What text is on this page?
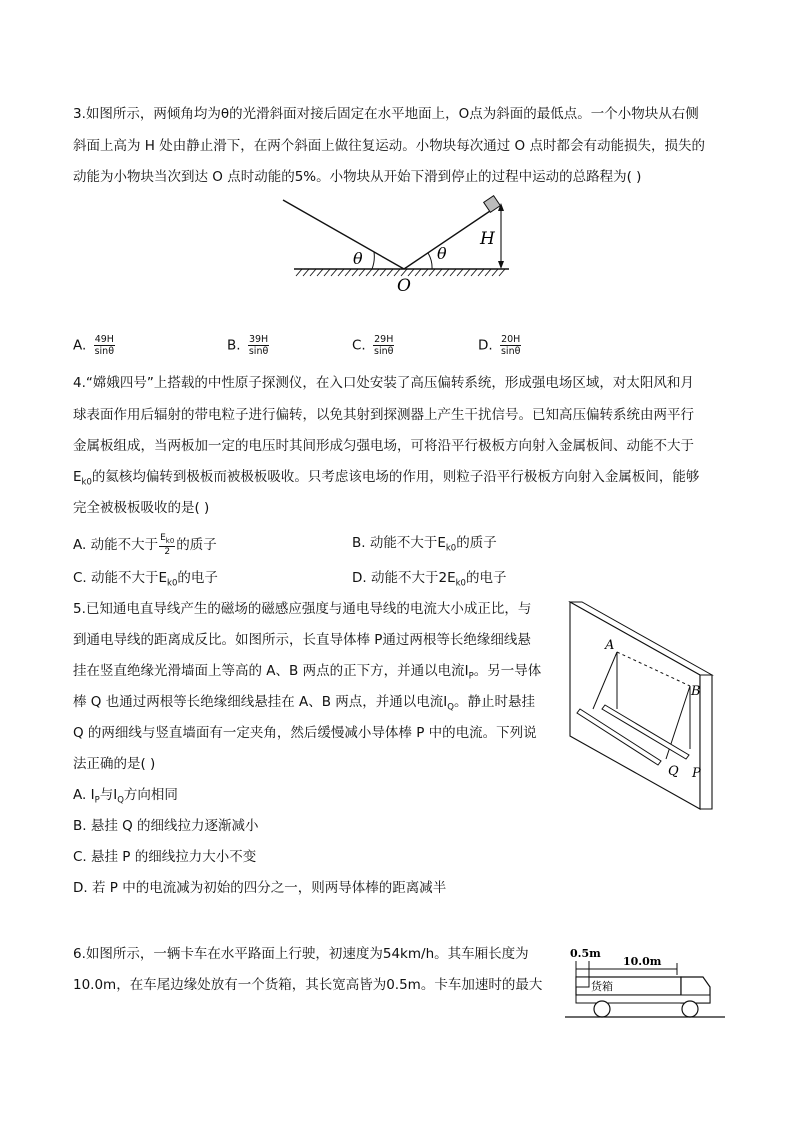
3.如图所示，两倾角均为θ的光滑斜面对接后固定在水平地面上，O点为斜面的最低点。一个小物块从右侧
斜面上高为 H 处由静止滑下，在两个斜面上做往复运动。小物块每次通过 O 点时都会有动能损失，损失的
动能为小物块当次到达 O 点时动能的5%。小物块从开始下滑到停止的过程中运动的总路程为( )
θ	θ
H
O
A. $\frac{49H}{\sin\theta}$	B. $\frac{39H}{\sin\theta}$	C. $\frac{29H}{\sin\theta}$	D. $\frac{20H}{\sin\theta}$
4.“嫦娥四号”上搭载的中性原子探测仪，在入口处安装了高压偏转系统，形成强电场区域，对太阳风和月
球表面作用后辐射的带电粒子进行偏转，以免其射到探测器上产生干扰信号。已知高压偏转系统由两平行
金属板组成，当两板加一定的电压时其间形成匀强电场，可将沿平行极板方向射入金属板间、动能不大于
$E_{k0}$的氦核均偏转到极板而被极板吸收。只考虑该电场的作用，则粒子沿平行极板方向射入金属板间，能够
完全被极板吸收的是( )
A. 动能不大于 $\frac{E_{k0}}{2}$ 的质子	B. 动能不大于$E_{k0}$的质子
C. 动能不大于$E_{k0}$的电子	D. 动能不大于$2E_{k0}$的电子
5.已知通电直导线产生的磁场的磁感应强度与通电导线的电流大小成正比，与
到通电导线的距离成反比。如图所示，长直导体棒 P通过两根等长绝缘细线悬
挂在竖直绝缘光滑墙面上等高的 A、B 两点的正下方，并通以电流$I_P$。另一导体
棒 Q 也通过两根等长绝缘细线悬挂在 A、B 两点，并通以电流$I_Q$。静止时悬挂
Q 的两细线与竖直墙面有一定夹角，然后缓慢减小导体棒 P 中的电流。下列说
法正确的是( )
A. $I_P$与$I_Q$方向相同
B. 悬挂 Q 的细线拉力逐渐减小
C. 悬挂 P 的细线拉力大小不变
D. 若 P 中的电流减为初始的四分之一，则两导体棒的距离减半
A
B
Q P
6.如图所示，一辆卡车在水平路面上行驶，初速度为54km/h。其车厢长度为
10.0m，在车尾边缘处放有一个货箱，其长宽高皆为0.5m。卡车加速时的最大
0.5m
10.0m
货箱
